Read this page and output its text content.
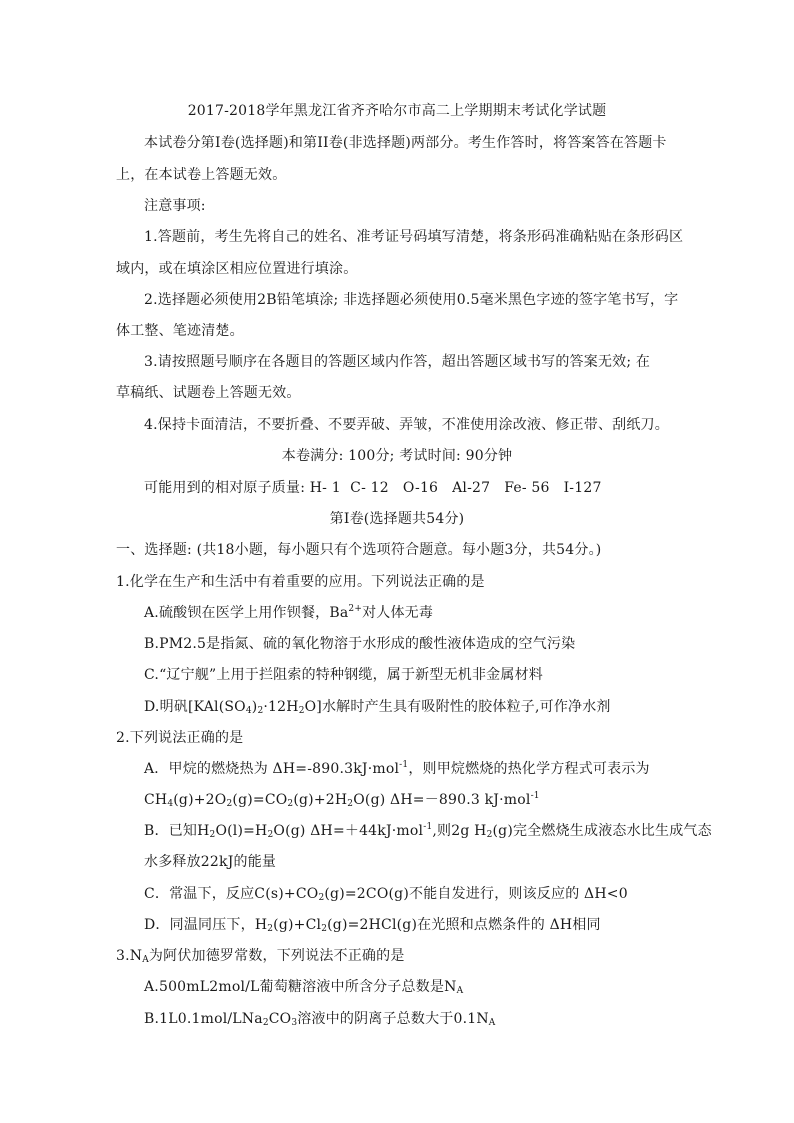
2017-2018学年黑龙江省齐齐哈尔市高二上学期期末考试化学试题
本试卷分第Ⅰ卷(选择题)和第II卷(非选择题)两部分。考生作答时，将答案答在答题卡
上，在本试卷上答题无效。
注意事项:
1.答题前，考生先将自己的姓名、准考证号码填写清楚，将条形码准确粘贴在条形码区
域内，或在填涂区相应位置进行填涂。
2.选择题必须使用2B铅笔填涂; 非选择题必须使用0.5毫米黑色字迹的签字笔书写，字
体工整、笔迹清楚。
3.请按照题号顺序在各题目的答题区域内作答，超出答题区域书写的答案无效; 在
草稿纸、试题卷上答题无效。
4.保持卡面清洁，不要折叠、不要弄破、弄皱，不准使用涂改液、修正带、刮纸刀。
本卷满分: 100分; 考试时间: 90分钟
可能用到的相对原子质量: H- 1  C- 12   O-16   Al-27   Fe- 56   I-127
第Ⅰ卷(选择题共54分)
一、选择题: (共18小题，每小题只有个选项符合题意。每小题3分，共54分。)
1.化学在生产和生活中有着重要的应用。下列说法正确的是
A.硫酸钡在医学上用作钡餐，$Ba^{2+}$对人体无毒
B.PM2.5是指氮、硫的氧化物溶于水形成的酸性液体造成的空气污染
C.“辽宁舰”上用于拦阻索的特种钢缆，属于新型无机非金属材料
D.明矾$[KAl(SO_4)_2\cdot 12H_2O]$水解时产生具有吸附性的胶体粒子,可作净水剂
2.下列说法正确的是
A．甲烷的燃烧热为 ΔH=-890.3kJ·mol$^{-1}$，则甲烷燃烧的热化学方程式可表示为
$CH_4(g)+2O_2(g)=CO_2(g)+2H_2O(g)$ ΔH=－890.3 kJ·mol$^{-1}$
B．已知$H_2O(l)=H_2O(g)$ ΔH=＋44kJ·mol$^{-1}$,则2g $H_2(g)$完全燃烧生成液态水比生成气态
水多释放22kJ的能量
C．常温下，反应$C(s)+CO_2(g)=2CO(g)$不能自发进行，则该反应的 ΔH<0
D．同温同压下，$H_2(g)+Cl_2(g)=2HCl(g)$在光照和点燃条件的 ΔH相同
$3.N_A$为阿伏加德罗常数，下列说法不正确的是
A.500mL2mol/L葡萄糖溶液中所含分子总数是$N_A$
$B.1L0.1mol/LNa_2CO_3$溶液中的阴离子总数大于$0.1N_A$
